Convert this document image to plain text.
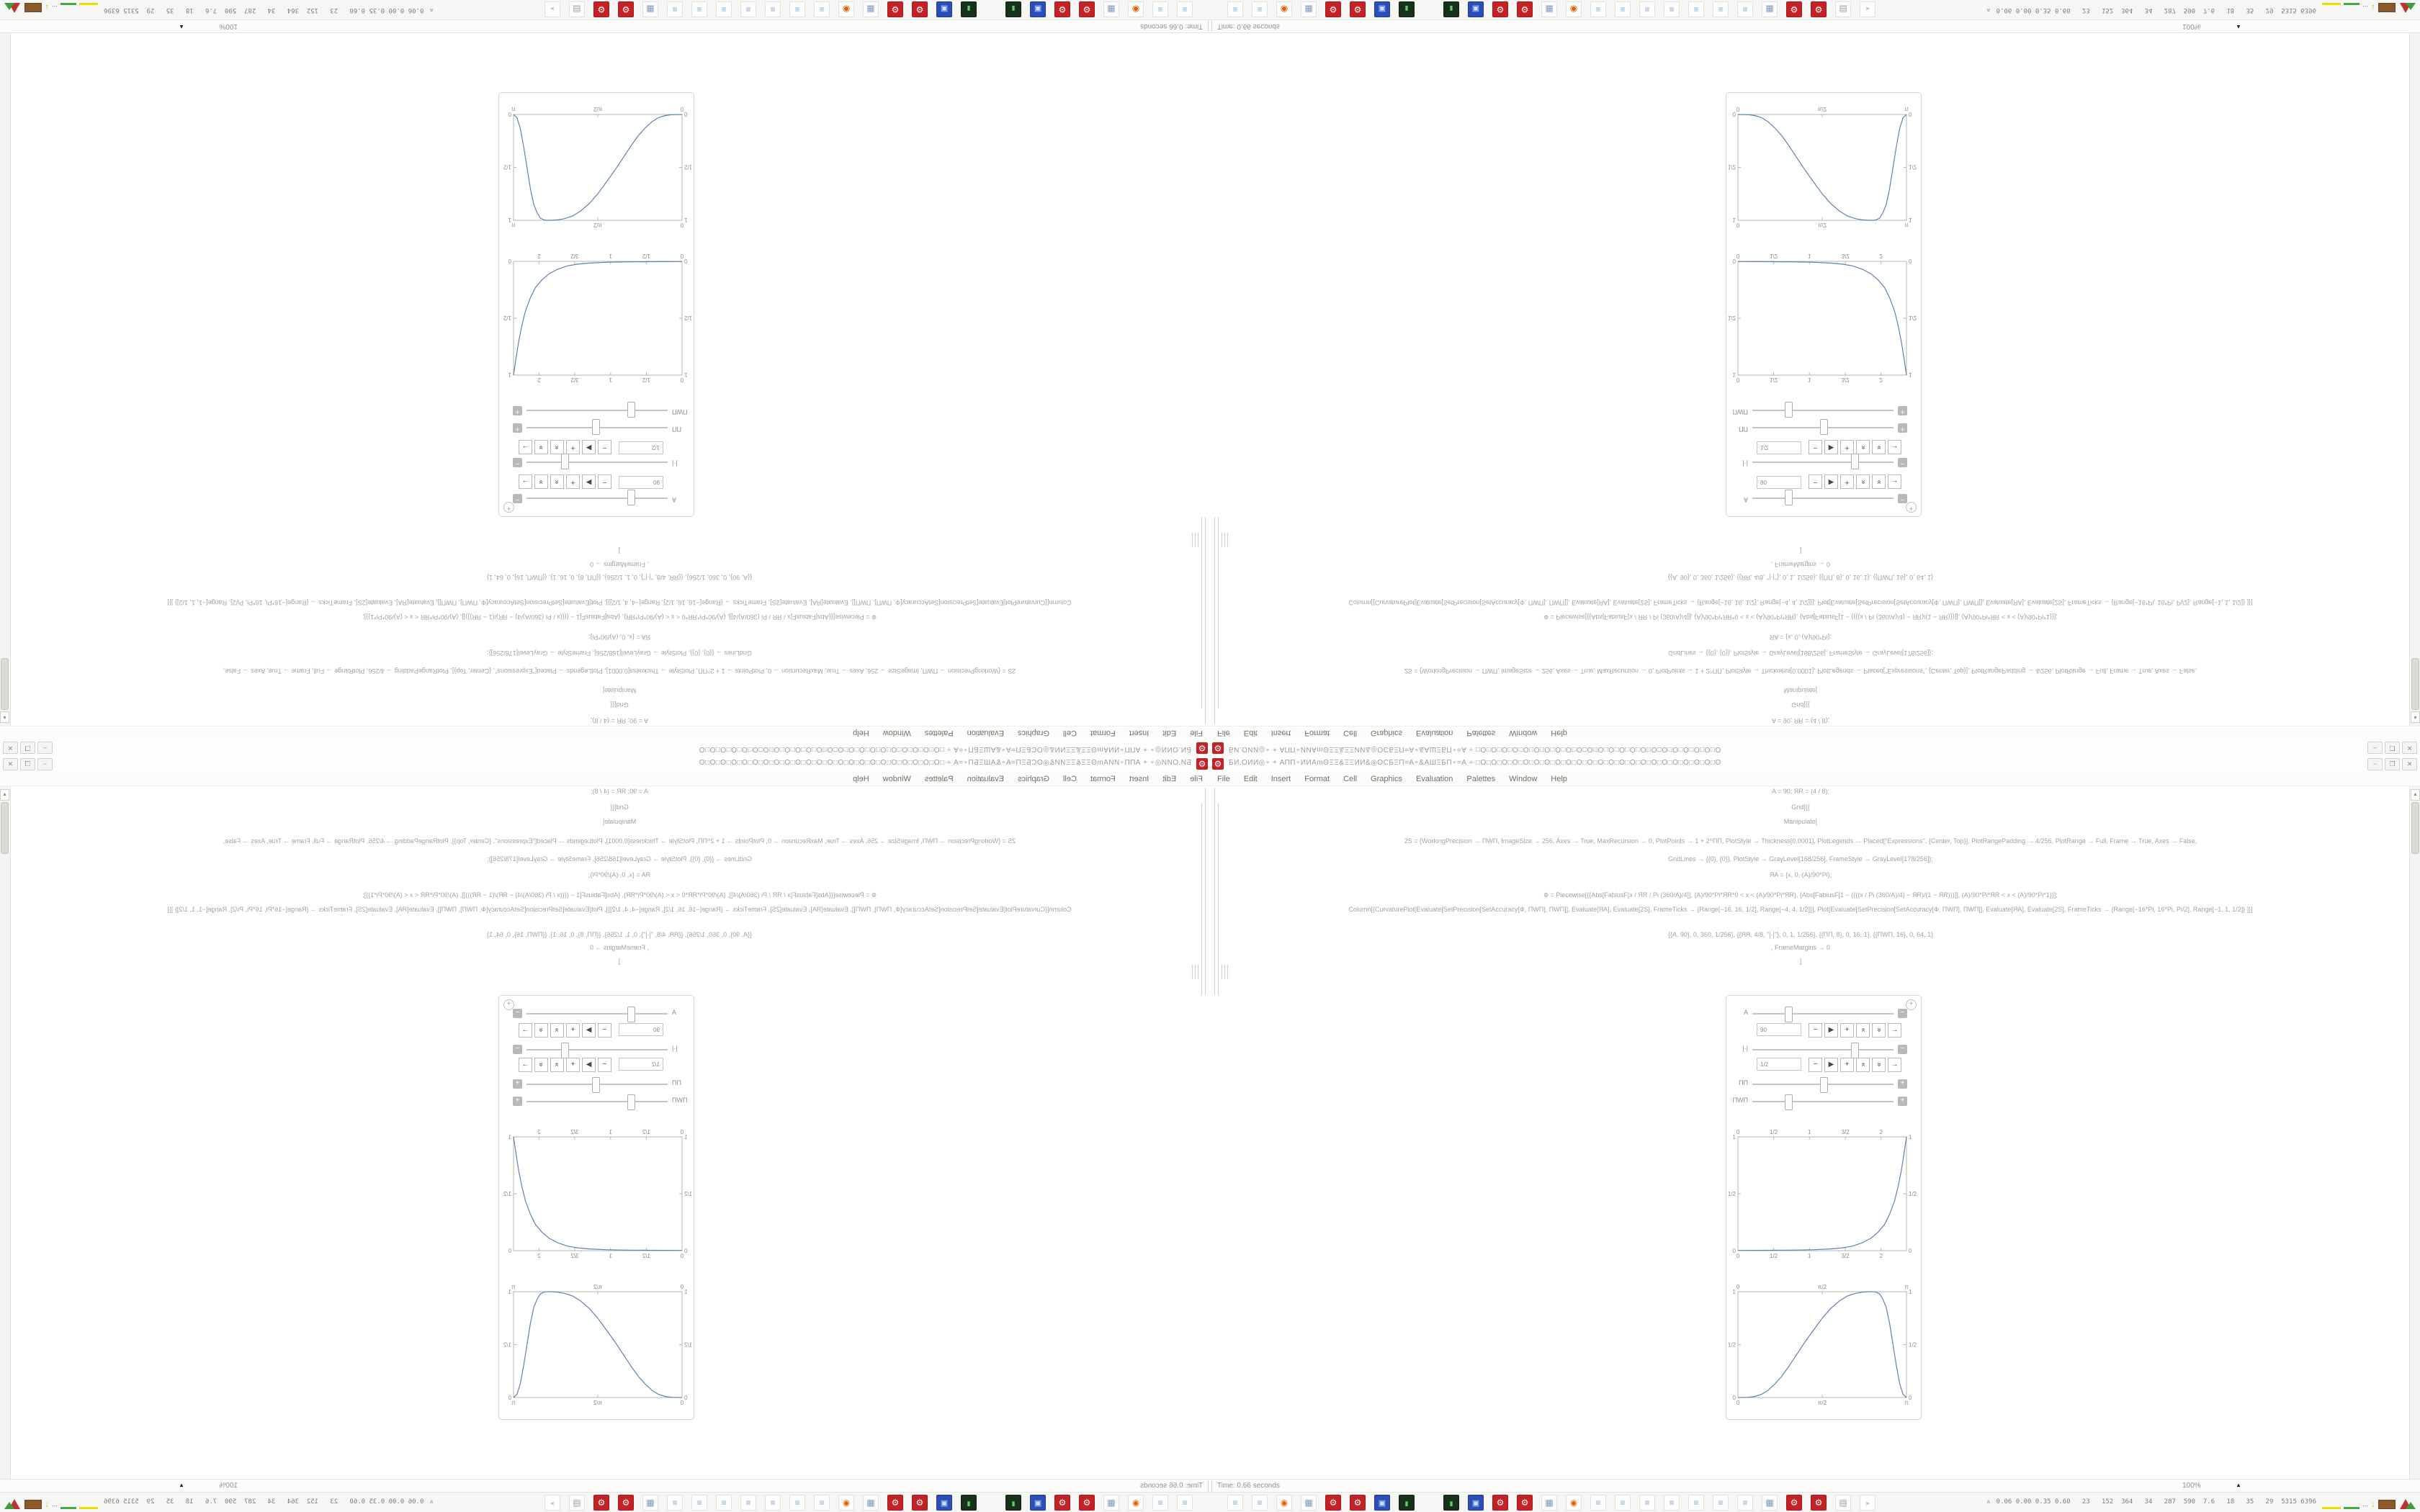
⚙ БИ.ОИИ◎∘ + АПП∘ИИАmΘΞΞ&ΞΞИИ&◎ОСБΞП=А∘&АШΞБП∘=А ÷ □О□О□О□О□О□О□О□О□О□О□О□О□О□О□О□О□О□О□О□О□О□О□О	−	❐	✕
File Edit Insert Format Cell Graphics Evaluation Palettes Window Help
A = 90; ЯR = (4 / 8);
Grid[{{
Manipulate[
2S = {WorkingPrecision → ПWП, ImageSize → 256, Axes → True, MaxRecursion → 0, PlotPoints → 1 + 2^ПП, PlotStyle → Thickness[0.0001], PlotLegends → Placed["Expressions", {Center, Top}], PlotRangePadding → 4/256, PlotRange → Full, Frame → True, Axes → False,
GridLines → {{0}, {0}}, PlotStyle → GrayLevel[168/256], FrameStyle → GrayLevel[178/256]};
ЯA = {x, 0, (A)/90*Pi};
Ф = Piecewise[{{Abs[FabiusF[x / ЯR / Pi (360/A)/4]], (A)/90*Pi*ЯR*0 < x < (A)/90*Pi*ЯR}, {Abs[FabiusF[1 − ((((x / Pi (360/A)/4) − ЯR)/(1 − ЯR)))]], (A)/90*Pi*ЯR < x < (A)/90*Pi*1}}];
Column[{CurvaturePlot[Evaluate[SetPrecision[SetAccuracy[Ф, ПWП], ПWП]], Evaluate[ЯA], Evaluate[2S], FrameTicks → {Range[−16, 16, 1/2], Range[−4, 4, 1/2]}], Plot[Evaluate[SetPrecision[SetAccuracy[Ф, ПWП], ПWП]], Evaluate[ЯA], Evaluate[2S], FrameTicks → {Range[−16*Pi, 16*Pi, Pi/2], Range[−1, 1, 1/2]} ]}]
{{A, 90}, 0, 360, 1/256}, {{ЯR, 4/8, "|·|"}, 0, 1, 1/256}, {{ПП, 8}, 0, 16, 1}, {{ПWП, 16}, 0, 64, 1}
, FrameMargins → 0
]
+
A	−
90	−	▶	+	«	«	→
|·|	−
1/2	−	▶	+	«	«	→
ПП	+
ПWП	+
0
0
1/2
1/2
1
1
3/2
3/2
2
2
0	0
1/2	1/2
1	1
0
0
π/2
π/2
π
π
0	0
1/2	1/2
1	1
▲
Time: 0.66 seconds	100%	▲
≡
≡
◉
▦
⚙
⚙
▣
▮
▮
▣
⚙
⚙
▦
◉
≡
≡
≡
≡
≡
≡
≡
▦
⚙
⚙
▤
➤
« 0.06 0.00 0.35 0.60   23   152  364   34   287  590  7.6   18   35   29  5315 6396
··· ↓
⚙
БИ.ОИИ◎∘ + АПП∘ИИАmΘΞΞ&ΞΞИИ&◎ОСБΞП=А∘&АШΞБП∘=А ÷ □О□О□О□О□О□О□О□О□О□О□О□О□О□О□О□О□О□О□О□О□О□О□О
−
❐
✕
File
Edit
Insert
Format
Cell
Graphics
Evaluation
Palettes
Window
Help
A = 90; ЯR = (4 / 8);
Grid[{{
Manipulate[
2S = {WorkingPrecision → ПWП, ImageSize → 256, Axes → True, MaxRecursion → 0, PlotPoints → 1 + 2^ПП, PlotStyle → Thickness[0.0001], PlotLegends → Placed["Expressions", {Center, Top}], PlotRangePadding → 4/256, PlotRange → Full, Frame → True, Axes → False,
GridLines → {{0}, {0}}, PlotStyle → GrayLevel[168/256], FrameStyle → GrayLevel[178/256]};
ЯA = {x, 0, (A)/90*Pi};
Ф = Piecewise[{{Abs[FabiusF[x / ЯR / Pi (360/A)/4]], (A)/90*Pi*ЯR*0 < x < (A)/90*Pi*ЯR}, {Abs[FabiusF[1 − ((((x / Pi (360/A)/4) − ЯR)/(1 − ЯR)))]], (A)/90*Pi*ЯR < x < (A)/90*Pi*1}}];
Column[{CurvaturePlot[Evaluate[SetPrecision[SetAccuracy[Ф, ПWП], ПWП]], Evaluate[ЯA], Evaluate[2S], FrameTicks → {Range[−16, 16, 1/2], Range[−4, 4, 1/2]}], Plot[Evaluate[SetPrecision[SetAccuracy[Ф, ПWП], ПWП]], Evaluate[ЯA], Evaluate[2S], FrameTicks → {Range[−16*Pi, 16*Pi, Pi/2], Range[−1, 1, 1/2]} ]}]
{{A, 90}, 0, 360, 1/256}, {{ЯR, 4/8, "|·|"}, 0, 1, 1/256}, {{ПП, 8}, 0, 16, 1}, {{ПWП, 16}, 0, 64, 1}
, FrameMargins → 0
]
+
A
−
90
−
▶
+
«
«
→
|·|
−
1/2
−
▶
+
«
«
→
ПП
+
ПWП
+
0
0
1/2
1/2
1
1
3/2
3/2
2
2
0
0
1/2
1/2
1
1
0
0
π/2
π/2
π
π
0
0
1/2
1/2
1
1
▲
Time: 0.66 seconds
100%
▲
≡
≡
◉
▦
⚙
⚙
▣
▮
▮
▣
⚙
⚙
▦
◉
≡
≡
≡
≡
≡
≡
≡
▦
⚙
⚙
▤
➤
«
0.06 0.00 0.35 0.60   23   152  364   34   287  590  7.6   18   35   29  5315 6396
···
↓
⚙ БИ.ОИИ◎∘ + АПП∘ИИАmΘΞΞ&ΞΞИИ&◎ОСБΞП=А∘&АШΞБП∘=А ÷ □О□О□О□О□О□О□О□О□О□О□О□О□О□О□О□О□О□О□О□О□О□О□О	−	❐	✕
File Edit Insert Format Cell Graphics Evaluation Palettes Window Help
A = 90; ЯR = (4 / 8);
Grid[{{
Manipulate[
2S = {WorkingPrecision → ПWП, ImageSize → 256, Axes → True, MaxRecursion → 0, PlotPoints → 1 + 2^ПП, PlotStyle → Thickness[0.0001], PlotLegends → Placed["Expressions", {Center, Top}], PlotRangePadding → 4/256, PlotRange → Full, Frame → True, Axes → False,
GridLines → {{0}, {0}}, PlotStyle → GrayLevel[168/256], FrameStyle → GrayLevel[178/256]};
ЯA = {x, 0, (A)/90*Pi};
Ф = Piecewise[{{Abs[FabiusF[x / ЯR / Pi (360/A)/4]], (A)/90*Pi*ЯR*0 < x < (A)/90*Pi*ЯR}, {Abs[FabiusF[1 − ((((x / Pi (360/A)/4) − ЯR)/(1 − ЯR)))]], (A)/90*Pi*ЯR < x < (A)/90*Pi*1}}];
Column[{CurvaturePlot[Evaluate[SetPrecision[SetAccuracy[Ф, ПWП], ПWП]], Evaluate[ЯA], Evaluate[2S], FrameTicks → {Range[−16, 16, 1/2], Range[−4, 4, 1/2]}], Plot[Evaluate[SetPrecision[SetAccuracy[Ф, ПWП], ПWП]], Evaluate[ЯA], Evaluate[2S], FrameTicks → {Range[−16*Pi, 16*Pi, Pi/2], Range[−1, 1, 1/2]} ]}]
{{A, 90}, 0, 360, 1/256}, {{ЯR, 4/8, "|·|"}, 0, 1, 1/256}, {{ПП, 8}, 0, 16, 1}, {{ПWП, 16}, 0, 64, 1}
, FrameMargins → 0
]
+
A	−
90	−	▶	+	«	«	→
|·|	−
1/2	−	▶	+	«	«	→
ПП	+
ПWП	+
0
0
1/2
1/2
1
1
3/2
3/2
2
2
0	0
1/2	1/2
1	1
0
0
π/2
π/2
π
π
0	0
1/2	1/2
1	1
▲
Time: 0.66 seconds	100%	▲
≡
≡
◉
▦
⚙
⚙
▣
▮
▮
▣
⚙
⚙
▦
◉
≡
≡
≡
≡
≡
≡
≡
▦
⚙
⚙
▤
➤
« 0.06 0.00 0.35 0.60   23   152  364   34   287  590  7.6   18   35   29  5315 6396
··· ↓
⚙
БИ.ОИИ◎∘ + АПП∘ИИАmΘΞΞ&ΞΞИИ&◎ОСБΞП=А∘&АШΞБП∘=А ÷ □О□О□О□О□О□О□О□О□О□О□О□О□О□О□О□О□О□О□О□О□О□О□О
−
❐
✕
File
Edit
Insert
Format
Cell
Graphics
Evaluation
Palettes
Window
Help
A = 90; ЯR = (4 / 8);
Grid[{{
Manipulate[
2S = {WorkingPrecision → ПWП, ImageSize → 256, Axes → True, MaxRecursion → 0, PlotPoints → 1 + 2^ПП, PlotStyle → Thickness[0.0001], PlotLegends → Placed["Expressions", {Center, Top}], PlotRangePadding → 4/256, PlotRange → Full, Frame → True, Axes → False,
GridLines → {{0}, {0}}, PlotStyle → GrayLevel[168/256], FrameStyle → GrayLevel[178/256]};
ЯA = {x, 0, (A)/90*Pi};
Ф = Piecewise[{{Abs[FabiusF[x / ЯR / Pi (360/A)/4]], (A)/90*Pi*ЯR*0 < x < (A)/90*Pi*ЯR}, {Abs[FabiusF[1 − ((((x / Pi (360/A)/4) − ЯR)/(1 − ЯR)))]], (A)/90*Pi*ЯR < x < (A)/90*Pi*1}}];
Column[{CurvaturePlot[Evaluate[SetPrecision[SetAccuracy[Ф, ПWП], ПWП]], Evaluate[ЯA], Evaluate[2S], FrameTicks → {Range[−16, 16, 1/2], Range[−4, 4, 1/2]}], Plot[Evaluate[SetPrecision[SetAccuracy[Ф, ПWП], ПWП]], Evaluate[ЯA], Evaluate[2S], FrameTicks → {Range[−16*Pi, 16*Pi, Pi/2], Range[−1, 1, 1/2]} ]}]
{{A, 90}, 0, 360, 1/256}, {{ЯR, 4/8, "|·|"}, 0, 1, 1/256}, {{ПП, 8}, 0, 16, 1}, {{ПWП, 16}, 0, 64, 1}
, FrameMargins → 0
]
+
A
−
90
−
▶
+
«
«
→
|·|
−
1/2
−
▶
+
«
«
→
ПП
+
ПWП
+
0
0
1/2
1/2
1
1
3/2
3/2
2
2
0
0
1/2
1/2
1
1
0
0
π/2
π/2
π
π
0
0
1/2
1/2
1
1
▲
Time: 0.66 seconds
100%
▲
≡
≡
◉
▦
⚙
⚙
▣
▮
▮
▣
⚙
⚙
▦
◉
≡
≡
≡
≡
≡
≡
≡
▦
⚙
⚙
▤
➤
«
0.06 0.00 0.35 0.60   23   152  364   34   287  590  7.6   18   35   29  5315 6396
···
↓
